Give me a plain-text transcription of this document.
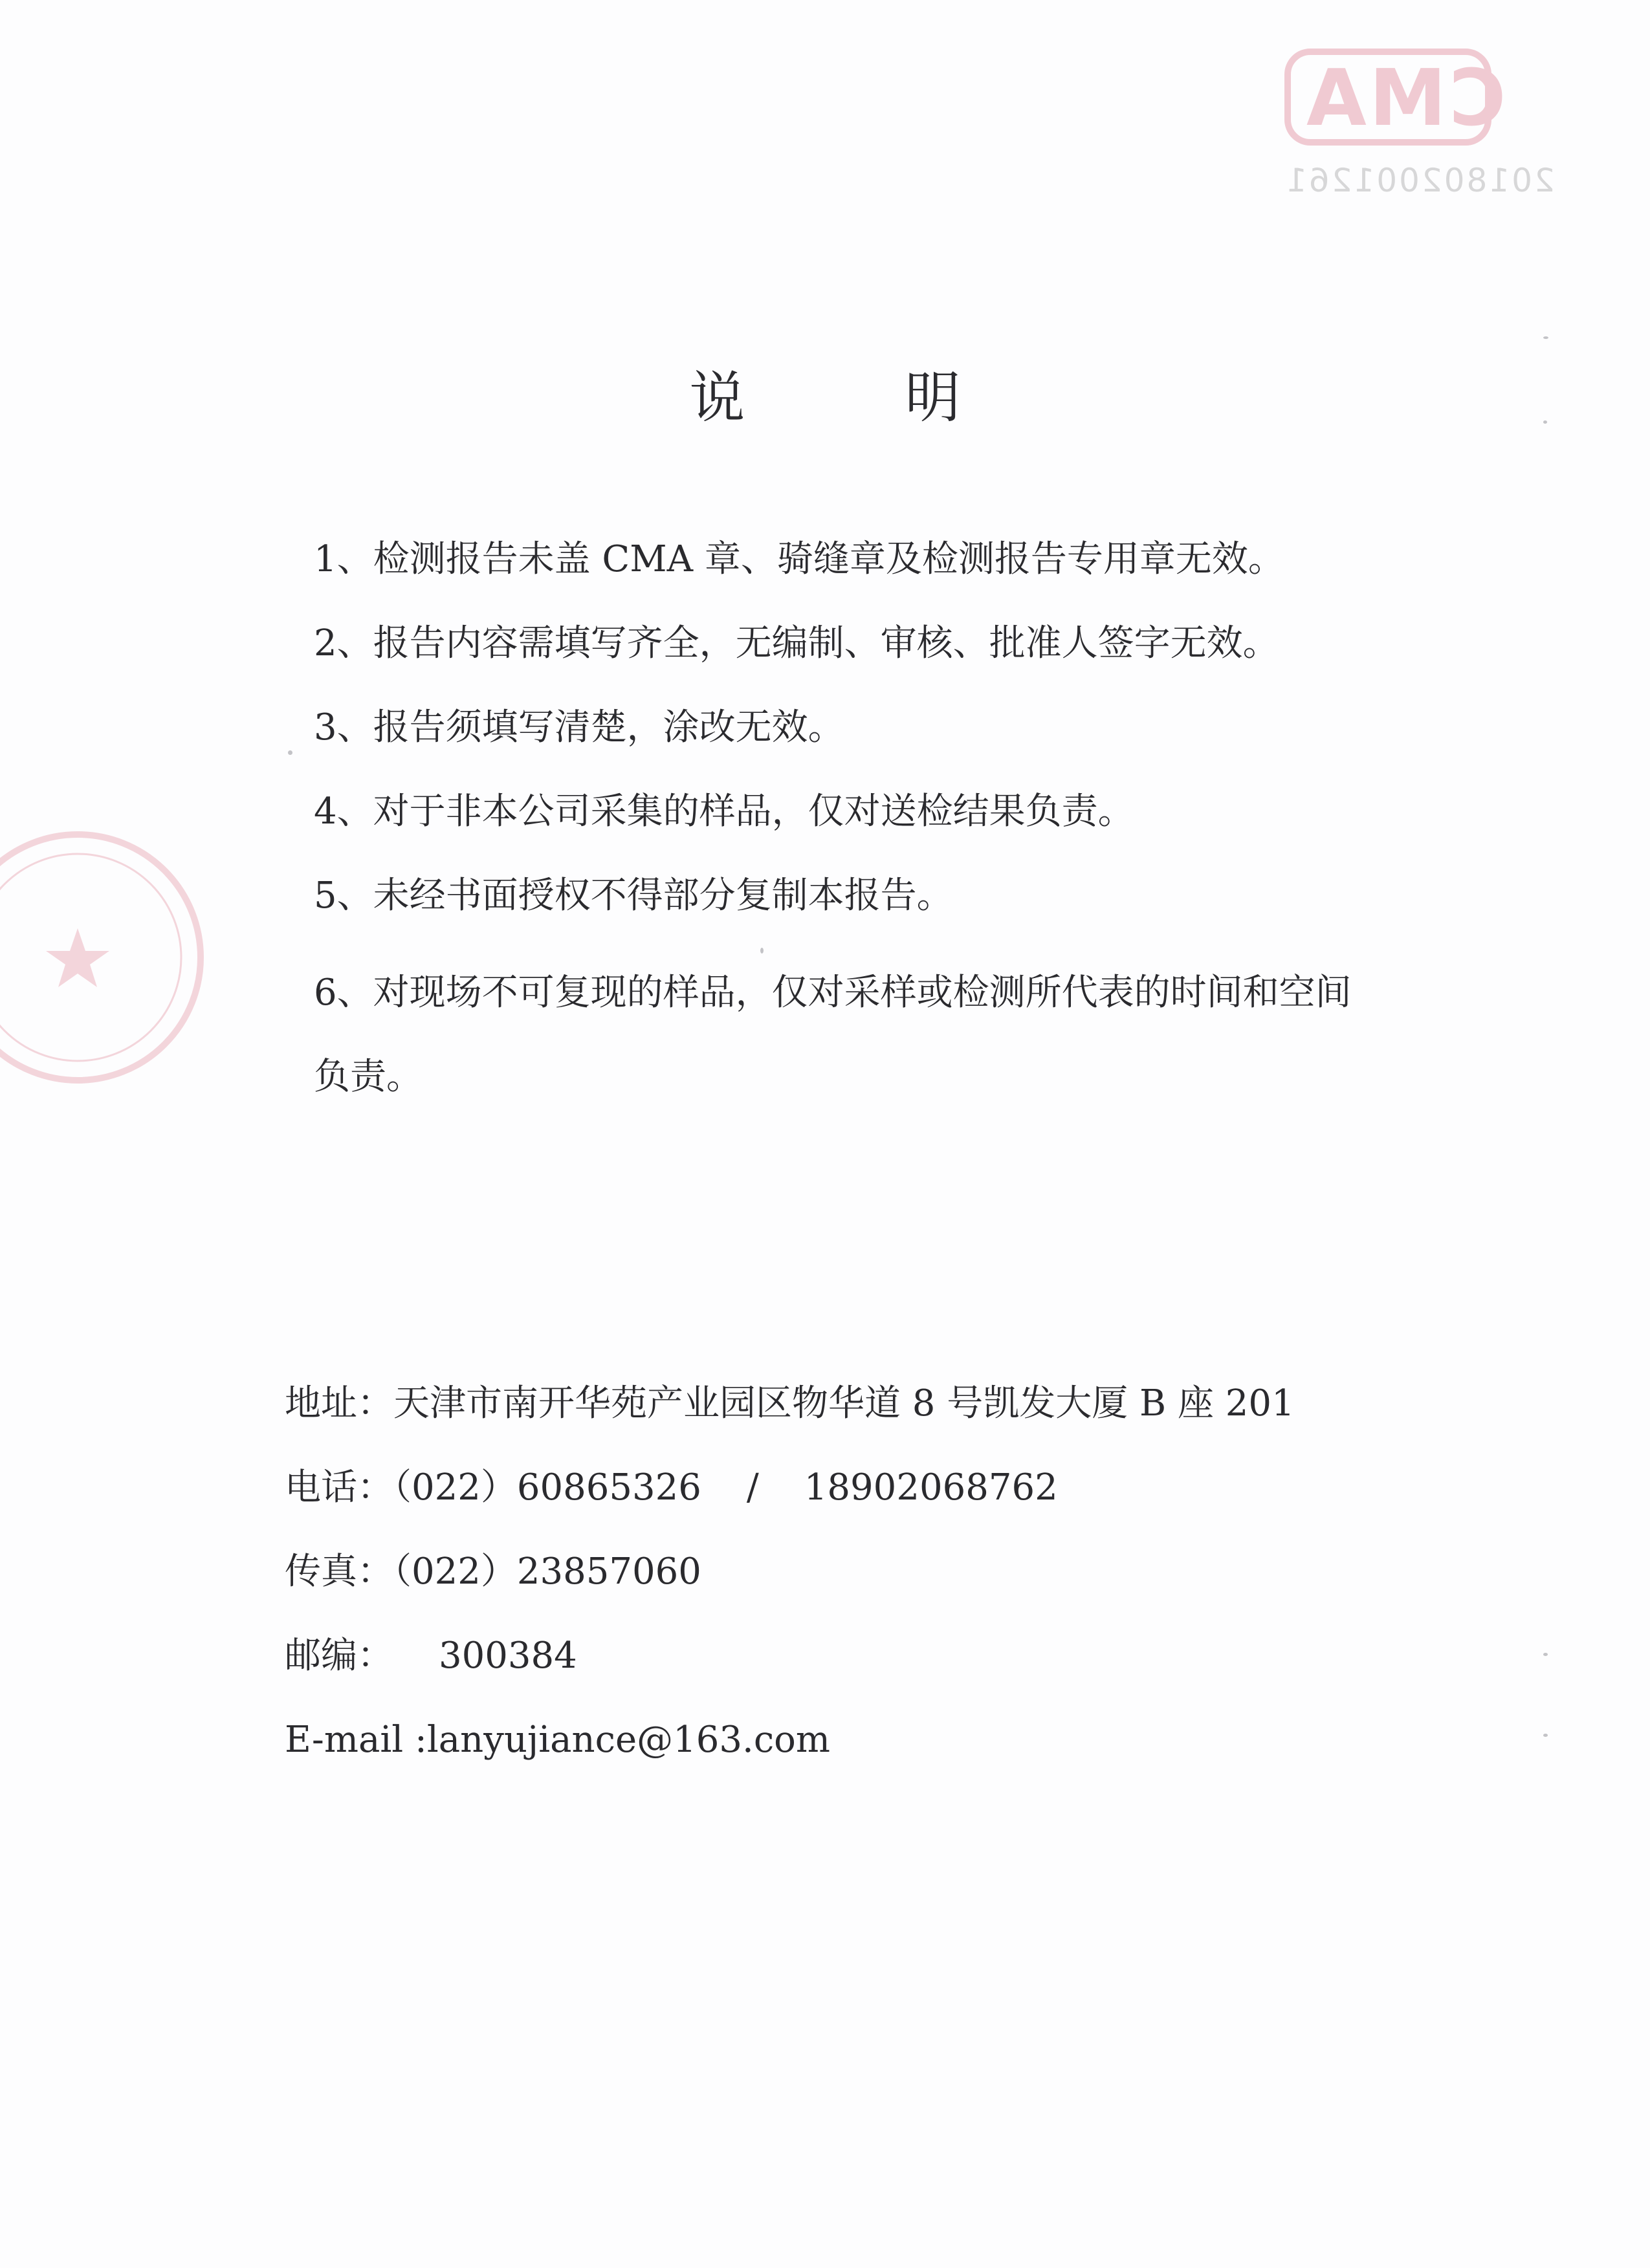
CMA
201802001261
说 明
1、检测报告未盖 CMA 章、骑缝章及检测报告专用章无效。
2、报告内容需填写齐全，无编制、审核、批准人签字无效。
3、报告须填写清楚，涂改无效。
4、对于非本公司采集的样品，仅对送检结果负责。
5、未经书面授权不得部分复制本报告。
6、对现场不可复现的样品，仅对采样或检测所代表的时间和空间负责。
地址：天津市南开华苑产业园区物华道 8 号凯发大厦 B 座 201
电话：（022）60865326 / 18902068762
传真：（022）23857060
邮编： 300384
E-mail :lanyujiance@163.com
